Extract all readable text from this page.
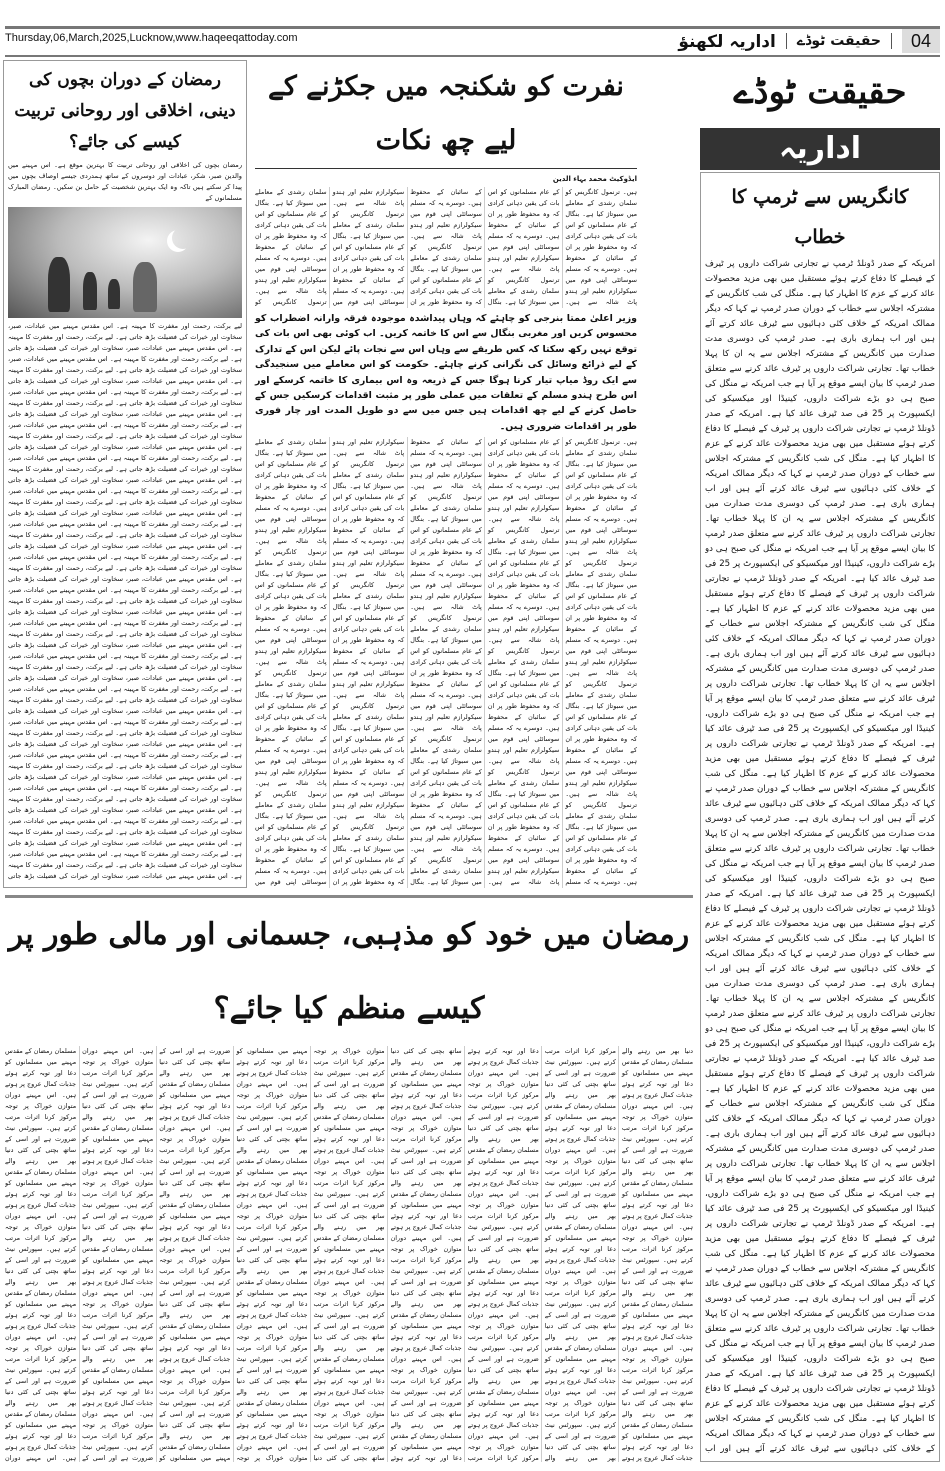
Thursday,06,March,2025,Lucknow,www.haqeeqattoday.com	اداریہ لکھنؤ	حقیقت ٹوڈے	04
رمضان کے دوران بچوں کی دینی، اخلاقی اور روحانی تربیت کیسے کی جائے؟
رمضان بچوں کی اخلاقی اور روحانی تربیت کا بہترین موقع ہے۔ اس مہینے میں والدین صبر، شکر، عبادات اور دوسروں کے ساتھ ہمدردی جیسے اوصاف بچوں میں پیدا کر سکتے ہیں تاکہ وہ ایک بہترین شخصیت کے حامل بن سکیں۔ رمضان المبارک مسلمانوں کے
لیے برکت، رحمت اور مغفرت کا مہینہ ہے۔ اس مقدس مہینے میں عبادات، صبر، سخاوت اور خیرات کی فضیلت بڑھ جاتی ہے۔ لیے برکت، رحمت اور مغفرت کا مہینہ ہے۔ اس مقدس مہینے میں عبادات، صبر، سخاوت اور خیرات کی فضیلت بڑھ جاتی ہے۔ لیے برکت، رحمت اور مغفرت کا مہینہ ہے۔ اس مقدس مہینے میں عبادات، صبر، سخاوت اور خیرات کی فضیلت بڑھ جاتی ہے۔ لیے برکت، رحمت اور مغفرت کا مہینہ ہے۔ اس مقدس مہینے میں عبادات، صبر، سخاوت اور خیرات کی فضیلت بڑھ جاتی ہے۔ لیے برکت، رحمت اور مغفرت کا مہینہ ہے۔ اس مقدس مہینے میں عبادات، صبر، سخاوت اور خیرات کی فضیلت بڑھ جاتی ہے۔ لیے برکت، رحمت اور مغفرت کا مہینہ ہے۔ اس مقدس مہینے میں عبادات، صبر، سخاوت اور خیرات کی فضیلت بڑھ جاتی ہے۔ لیے برکت، رحمت اور مغفرت کا مہینہ ہے۔ اس مقدس مہینے میں عبادات، صبر، سخاوت اور خیرات کی فضیلت بڑھ جاتی ہے۔ لیے برکت، رحمت اور مغفرت کا مہینہ ہے۔ اس مقدس مہینے میں عبادات، صبر، سخاوت اور خیرات کی فضیلت بڑھ جاتی ہے۔ لیے برکت، رحمت اور مغفرت کا مہینہ ہے۔ اس مقدس مہینے میں عبادات، صبر، سخاوت اور خیرات کی فضیلت بڑھ جاتی ہے۔ لیے برکت، رحمت اور مغفرت کا مہینہ ہے۔ اس مقدس مہینے میں عبادات، صبر، سخاوت اور خیرات کی فضیلت بڑھ جاتی ہے۔ لیے برکت، رحمت اور مغفرت کا مہینہ ہے۔ اس مقدس مہینے میں عبادات، صبر، سخاوت اور خیرات کی فضیلت بڑھ جاتی ہے۔ لیے برکت، رحمت اور مغفرت کا مہینہ ہے۔ اس مقدس مہینے میں عبادات، صبر، سخاوت اور خیرات کی فضیلت بڑھ جاتی ہے۔ لیے برکت، رحمت اور مغفرت کا مہینہ ہے۔ اس مقدس مہینے میں عبادات، صبر، سخاوت اور خیرات کی فضیلت بڑھ جاتی ہے۔ لیے برکت، رحمت اور مغفرت کا مہینہ ہے۔ اس مقدس مہینے میں عبادات، صبر، سخاوت اور خیرات کی فضیلت بڑھ جاتی ہے۔ لیے برکت، رحمت اور مغفرت کا مہینہ ہے۔ اس مقدس مہینے میں عبادات، صبر، سخاوت اور خیرات کی فضیلت بڑھ جاتی ہے۔ لیے برکت، رحمت اور مغفرت کا مہینہ ہے۔ اس مقدس مہینے میں عبادات، صبر، سخاوت اور خیرات کی فضیلت بڑھ جاتی ہے۔ لیے برکت، رحمت اور مغفرت کا مہینہ ہے۔ اس مقدس مہینے میں عبادات، صبر، سخاوت اور خیرات کی فضیلت بڑھ جاتی ہے۔ لیے برکت، رحمت اور مغفرت کا مہینہ ہے۔ اس مقدس مہینے میں عبادات، صبر، سخاوت اور خیرات کی فضیلت بڑھ جاتی ہے۔ لیے برکت، رحمت اور مغفرت کا مہینہ ہے۔ اس مقدس مہینے میں عبادات، صبر، سخاوت اور خیرات کی فضیلت بڑھ جاتی ہے۔ لیے برکت، رحمت اور مغفرت کا مہینہ ہے۔ اس مقدس مہینے میں عبادات، صبر، سخاوت اور خیرات کی فضیلت بڑھ جاتی ہے۔ لیے برکت، رحمت اور مغفرت کا مہینہ ہے۔ اس مقدس مہینے میں عبادات، صبر، سخاوت اور خیرات کی فضیلت بڑھ جاتی ہے۔ لیے برکت، رحمت اور مغفرت کا مہینہ ہے۔ اس مقدس مہینے میں عبادات، صبر، سخاوت اور خیرات کی فضیلت بڑھ جاتی ہے۔ لیے برکت، رحمت اور مغفرت کا مہینہ ہے۔ اس مقدس مہینے میں عبادات، صبر، سخاوت اور خیرات کی فضیلت بڑھ جاتی ہے۔ لیے برکت، رحمت اور مغفرت کا مہینہ ہے۔ اس مقدس مہینے میں عبادات، صبر، سخاوت اور خیرات کی فضیلت بڑھ جاتی ہے۔ لیے برکت، رحمت اور مغفرت کا مہینہ ہے۔ اس مقدس مہینے میں عبادات، صبر، سخاوت اور خیرات کی فضیلت بڑھ جاتی ہے۔ لیے برکت، رحمت اور مغفرت کا مہینہ ہے۔ اس مقدس مہینے میں عبادات، صبر، سخاوت اور خیرات کی فضیلت بڑھ جاتی ہے۔ لیے برکت، رحمت اور مغفرت کا مہینہ ہے۔ اس مقدس مہینے میں عبادات، صبر، سخاوت اور خیرات کی فضیلت بڑھ جاتی ہے۔ لیے برکت، رحمت اور مغفرت کا مہینہ ہے۔ اس مقدس مہینے میں عبادات، صبر، سخاوت اور خیرات کی فضیلت بڑھ جاتی ہے۔ لیے برکت، رحمت اور مغفرت کا مہینہ ہے۔ اس مقدس مہینے میں عبادات، صبر، سخاوت اور خیرات کی فضیلت بڑھ جاتی ہے۔ لیے برکت، رحمت اور مغفرت کا مہینہ ہے۔ اس مقدس مہینے میں عبادات، صبر، سخاوت اور خیرات کی فضیلت بڑھ جاتی ہے۔ لیے برکت، رحمت اور مغفرت کا مہینہ ہے۔ اس مقدس مہینے میں عبادات، صبر، سخاوت اور خیرات کی فضیلت بڑھ جاتی ہے۔ لیے برکت، رحمت اور مغفرت کا مہینہ ہے۔ اس مقدس مہینے میں عبادات، صبر، سخاوت اور خیرات کی فضیلت بڑھ جاتی ہے۔ لیے برکت، رحمت اور مغفرت کا مہینہ ہے۔ اس مقدس مہینے میں عبادات، صبر، سخاوت اور خیرات کی فضیلت بڑھ جاتی ہے۔ لیے برکت، رحمت اور مغفرت کا مہینہ ہے۔ اس مقدس مہینے میں عبادات، صبر، سخاوت اور خیرات کی فضیلت بڑھ جاتی
نفرت کو شکنجہ میں جکڑنے کے لیے چھ نکات
ایڈوکیٹ محمد بہاء الدین
ہیں۔ ترنمول کانگریس کو سلمان رشدی کے معاملے میں سبوتاژ کیا ہے۔ بنگال کے عام مسلمانوں کو اس بات کی یقین دہانی کرادی کہ وہ محفوظ طور پر ان کے سائبان کے محفوظ ہیں۔ دوسرے یہ کہ مسلم سوسائٹی اپنی قوم میں سیکولرازم تعلیم اور ہندو پاٹ شالہ سے ہیں۔ کے عام مسلمانوں کو اس بات کی یقین دہانی کرادی کہ وہ محفوظ طور پر ان کے سائبان کے محفوظ ہیں۔ دوسرے یہ کہ مسلم سوسائٹی اپنی قوم میں سیکولرازم تعلیم اور ہندو پاٹ شالہ سے ہیں۔ ترنمول کانگریس کو سلمان رشدی کے معاملے میں سبوتاژ کیا ہے۔ بنگال کے سائبان کے محفوظ ہیں۔ دوسرے یہ کہ مسلم سوسائٹی اپنی قوم میں سیکولرازم تعلیم اور ہندو پاٹ شالہ سے ہیں۔ ترنمول کانگریس کو سلمان رشدی کے معاملے میں سبوتاژ کیا ہے۔ بنگال کے عام مسلمانوں کو اس بات کی یقین دہانی کرادی کہ وہ محفوظ طور پر ان سیکولرازم تعلیم اور ہندو پاٹ شالہ سے ہیں۔ ترنمول کانگریس کو سلمان رشدی کے معاملے میں سبوتاژ کیا ہے۔ بنگال کے عام مسلمانوں کو اس بات کی یقین دہانی کرادی کہ وہ محفوظ طور پر ان کے سائبان کے محفوظ ہیں۔ دوسرے یہ کہ مسلم سوسائٹی اپنی قوم میں سلمان رشدی کے معاملے میں سبوتاژ کیا ہے۔ بنگال کے عام مسلمانوں کو اس بات کی یقین دہانی کرادی کہ وہ محفوظ طور پر ان کے سائبان کے محفوظ ہیں۔ دوسرے یہ کہ مسلم سوسائٹی اپنی قوم میں سیکولرازم تعلیم اور ہندو پاٹ شالہ سے ہیں۔ ترنمول کانگریس کو
وزیر اعلیٰ ممتا بنرجی کو چاہئے کہ وہاں پیداشدہ موجودہ فرقہ وارانہ اضطراب کو محسوس کریں اور مغربی بنگال سے اس کا خاتمہ کریں۔ اب کوئی بھی اس بات کی توقع نہیں رکھ سکتا کہ کس طریقے سے وہاں اس سے نجات پائے لیکن اس کے تدارک کے لیے ذرائع وسائل کی نگرانی کرنے چاہئے۔ حکومت کو اس معاملے میں سنجیدگی سے ایک روڈ میاپ تیار کرنا ہوگا جس کے ذریعہ وہ اس بیماری کا خاتمہ کرسکے اور اس طرح ہندو مسلم کے تعلقات میں عملی طور پر مثبت اقدامات کرسکیں جس کے حاصل کرنے کے لیے چھ اقدامات ہیں جس میں سے دو طویل المدت اور چار فوری طور پر اقدامات ضروری ہیں۔
ہیں۔ ترنمول کانگریس کو سلمان رشدی کے معاملے میں سبوتاژ کیا ہے۔ بنگال کے عام مسلمانوں کو اس بات کی یقین دہانی کرادی کہ وہ محفوظ طور پر ان کے سائبان کے محفوظ ہیں۔ دوسرے یہ کہ مسلم سوسائٹی اپنی قوم میں سیکولرازم تعلیم اور ہندو پاٹ شالہ سے ہیں۔ ترنمول کانگریس کو سلمان رشدی کے معاملے میں سبوتاژ کیا ہے۔ بنگال کے عام مسلمانوں کو اس بات کی یقین دہانی کرادی کہ وہ محفوظ طور پر ان کے سائبان کے محفوظ ہیں۔ دوسرے یہ کہ مسلم سوسائٹی اپنی قوم میں سیکولرازم تعلیم اور ہندو پاٹ شالہ سے ہیں۔ ترنمول کانگریس کو سلمان رشدی کے معاملے میں سبوتاژ کیا ہے۔ بنگال کے عام مسلمانوں کو اس بات کی یقین دہانی کرادی کہ وہ محفوظ طور پر ان کے سائبان کے محفوظ ہیں۔ دوسرے یہ کہ مسلم سوسائٹی اپنی قوم میں سیکولرازم تعلیم اور ہندو پاٹ شالہ سے ہیں۔ ترنمول کانگریس کو سلمان رشدی کے معاملے میں سبوتاژ کیا ہے۔ بنگال کے عام مسلمانوں کو اس بات کی یقین دہانی کرادی کہ وہ محفوظ طور پر ان کے سائبان کے محفوظ ہیں۔ دوسرے یہ کہ مسلم کے عام مسلمانوں کو اس بات کی یقین دہانی کرادی کہ وہ محفوظ طور پر ان کے سائبان کے محفوظ ہیں۔ دوسرے یہ کہ مسلم سوسائٹی اپنی قوم میں سیکولرازم تعلیم اور ہندو پاٹ شالہ سے ہیں۔ ترنمول کانگریس کو سلمان رشدی کے معاملے میں سبوتاژ کیا ہے۔ بنگال کے عام مسلمانوں کو اس بات کی یقین دہانی کرادی کہ وہ محفوظ طور پر ان کے سائبان کے محفوظ ہیں۔ دوسرے یہ کہ مسلم سوسائٹی اپنی قوم میں سیکولرازم تعلیم اور ہندو پاٹ شالہ سے ہیں۔ ترنمول کانگریس کو سلمان رشدی کے معاملے میں سبوتاژ کیا ہے۔ بنگال کے عام مسلمانوں کو اس بات کی یقین دہانی کرادی کہ وہ محفوظ طور پر ان کے سائبان کے محفوظ ہیں۔ دوسرے یہ کہ مسلم سوسائٹی اپنی قوم میں سیکولرازم تعلیم اور ہندو پاٹ شالہ سے ہیں۔ ترنمول کانگریس کو سلمان رشدی کے معاملے میں سبوتاژ کیا ہے۔ بنگال کے عام مسلمانوں کو اس بات کی یقین دہانی کرادی کہ وہ محفوظ طور پر ان کے سائبان کے محفوظ ہیں۔ دوسرے یہ کہ مسلم سوسائٹی اپنی قوم میں سیکولرازم تعلیم اور ہندو پاٹ شالہ سے ہیں۔ کے سائبان کے محفوظ ہیں۔ دوسرے یہ کہ مسلم سوسائٹی اپنی قوم میں سیکولرازم تعلیم اور ہندو پاٹ شالہ سے ہیں۔ ترنمول کانگریس کو سلمان رشدی کے معاملے میں سبوتاژ کیا ہے۔ بنگال کے عام مسلمانوں کو اس بات کی یقین دہانی کرادی کہ وہ محفوظ طور پر ان کے سائبان کے محفوظ ہیں۔ دوسرے یہ کہ مسلم سوسائٹی اپنی قوم میں سیکولرازم تعلیم اور ہندو پاٹ شالہ سے ہیں۔ ترنمول کانگریس کو سلمان رشدی کے معاملے میں سبوتاژ کیا ہے۔ بنگال کے عام مسلمانوں کو اس بات کی یقین دہانی کرادی کہ وہ محفوظ طور پر ان کے سائبان کے محفوظ ہیں۔ دوسرے یہ کہ مسلم سوسائٹی اپنی قوم میں سیکولرازم تعلیم اور ہندو پاٹ شالہ سے ہیں۔ ترنمول کانگریس کو سلمان رشدی کے معاملے میں سبوتاژ کیا ہے۔ بنگال کے عام مسلمانوں کو اس بات کی یقین دہانی کرادی کہ وہ محفوظ طور پر ان کے سائبان کے محفوظ ہیں۔ دوسرے یہ کہ مسلم سوسائٹی اپنی قوم میں سیکولرازم تعلیم اور ہندو پاٹ شالہ سے ہیں۔ ترنمول کانگریس کو سلمان رشدی کے معاملے میں سبوتاژ کیا ہے۔ بنگال سیکولرازم تعلیم اور ہندو پاٹ شالہ سے ہیں۔ ترنمول کانگریس کو سلمان رشدی کے معاملے میں سبوتاژ کیا ہے۔ بنگال کے عام مسلمانوں کو اس بات کی یقین دہانی کرادی کہ وہ محفوظ طور پر ان کے سائبان کے محفوظ ہیں۔ دوسرے یہ کہ مسلم سوسائٹی اپنی قوم میں سیکولرازم تعلیم اور ہندو پاٹ شالہ سے ہیں۔ ترنمول کانگریس کو سلمان رشدی کے معاملے میں سبوتاژ کیا ہے۔ بنگال کے عام مسلمانوں کو اس بات کی یقین دہانی کرادی کہ وہ محفوظ طور پر ان کے سائبان کے محفوظ ہیں۔ دوسرے یہ کہ مسلم سوسائٹی اپنی قوم میں سیکولرازم تعلیم اور ہندو پاٹ شالہ سے ہیں۔ ترنمول کانگریس کو سلمان رشدی کے معاملے میں سبوتاژ کیا ہے۔ بنگال کے عام مسلمانوں کو اس بات کی یقین دہانی کرادی کہ وہ محفوظ طور پر ان کے سائبان کے محفوظ ہیں۔ دوسرے یہ کہ مسلم سوسائٹی اپنی قوم میں سیکولرازم تعلیم اور ہندو پاٹ شالہ سے ہیں۔ ترنمول کانگریس کو سلمان رشدی کے معاملے میں سبوتاژ کیا ہے۔ بنگال کے عام مسلمانوں کو اس بات کی یقین دہانی کرادی کہ وہ محفوظ طور پر ان سلمان رشدی کے معاملے میں سبوتاژ کیا ہے۔ بنگال کے عام مسلمانوں کو اس بات کی یقین دہانی کرادی کہ وہ محفوظ طور پر ان کے سائبان کے محفوظ ہیں۔ دوسرے یہ کہ مسلم سوسائٹی اپنی قوم میں سیکولرازم تعلیم اور ہندو پاٹ شالہ سے ہیں۔ ترنمول کانگریس کو سلمان رشدی کے معاملے میں سبوتاژ کیا ہے۔ بنگال کے عام مسلمانوں کو اس بات کی یقین دہانی کرادی کہ وہ محفوظ طور پر ان کے سائبان کے محفوظ ہیں۔ دوسرے یہ کہ مسلم سوسائٹی اپنی قوم میں سیکولرازم تعلیم اور ہندو پاٹ شالہ سے ہیں۔ ترنمول کانگریس کو سلمان رشدی کے معاملے میں سبوتاژ کیا ہے۔ بنگال کے عام مسلمانوں کو اس بات کی یقین دہانی کرادی کہ وہ محفوظ طور پر ان کے سائبان کے محفوظ ہیں۔ دوسرے یہ کہ مسلم سوسائٹی اپنی قوم میں سیکولرازم تعلیم اور ہندو پاٹ شالہ سے ہیں۔ ترنمول کانگریس کو سلمان رشدی کے معاملے میں سبوتاژ کیا ہے۔ بنگال کے عام مسلمانوں کو اس بات کی یقین دہانی کرادی کہ وہ محفوظ طور پر ان کے سائبان کے محفوظ ہیں۔ دوسرے یہ کہ مسلم سوسائٹی اپنی قوم میں
حقیقت ٹوڈے
اداریہ
کانگریس سے ٹرمپ کا خطاب
امریکہ کے صدر ڈونلڈ ٹرمپ نے تجارتی شراکت داروں پر ٹیرف کے فیصلے کا دفاع کرتے ہوئے مستقبل میں بھی مزید محصولات عائد کرنے کے عزم کا اظہار کیا ہے۔ منگل کی شب کانگریس کے مشترکہ اجلاس سے خطاب کے دوران صدر ٹرمپ نے کہا کہ دیگر ممالک امریکہ کے خلاف کئی دہائیوں سے ٹیرف عائد کرتے آئے ہیں اور اب ہماری باری ہے۔ صدر ٹرمپ کی دوسری مدت صدارت میں کانگریس کے مشترکہ اجلاس سے یہ ان کا پہلا خطاب تھا۔ تجارتی شراکت داروں پر ٹیرف عائد کرنے سے متعلق صدر ٹرمپ کا بیان ایسے موقع پر آیا ہے جب امریکہ نے منگل کی صبح ہی دو بڑے شراکت داروں، کینیڈا اور میکسیکو کی ایکسپورٹ پر 25 فی صد ٹیرف عائد کیا ہے۔ امریکہ کے صدر ڈونلڈ ٹرمپ نے تجارتی شراکت داروں پر ٹیرف کے فیصلے کا دفاع کرتے ہوئے مستقبل میں بھی مزید محصولات عائد کرنے کے عزم کا اظہار کیا ہے۔ منگل کی شب کانگریس کے مشترکہ اجلاس سے خطاب کے دوران صدر ٹرمپ نے کہا کہ دیگر ممالک امریکہ کے خلاف کئی دہائیوں سے ٹیرف عائد کرتے آئے ہیں اور اب ہماری باری ہے۔ صدر ٹرمپ کی دوسری مدت صدارت میں کانگریس کے مشترکہ اجلاس سے یہ ان کا پہلا خطاب تھا۔ تجارتی شراکت داروں پر ٹیرف عائد کرنے سے متعلق صدر ٹرمپ کا بیان ایسے موقع پر آیا ہے جب امریکہ نے منگل کی صبح ہی دو بڑے شراکت داروں، کینیڈا اور میکسیکو کی ایکسپورٹ پر 25 فی صد ٹیرف عائد کیا ہے۔ امریکہ کے صدر ڈونلڈ ٹرمپ نے تجارتی شراکت داروں پر ٹیرف کے فیصلے کا دفاع کرتے ہوئے مستقبل میں بھی مزید محصولات عائد کرنے کے عزم کا اظہار کیا ہے۔ منگل کی شب کانگریس کے مشترکہ اجلاس سے خطاب کے دوران صدر ٹرمپ نے کہا کہ دیگر ممالک امریکہ کے خلاف کئی دہائیوں سے ٹیرف عائد کرتے آئے ہیں اور اب ہماری باری ہے۔ صدر ٹرمپ کی دوسری مدت صدارت میں کانگریس کے مشترکہ اجلاس سے یہ ان کا پہلا خطاب تھا۔ تجارتی شراکت داروں پر ٹیرف عائد کرنے سے متعلق صدر ٹرمپ کا بیان ایسے موقع پر آیا ہے جب امریکہ نے منگل کی صبح ہی دو بڑے شراکت داروں، کینیڈا اور میکسیکو کی ایکسپورٹ پر 25 فی صد ٹیرف عائد کیا ہے۔ امریکہ کے صدر ڈونلڈ ٹرمپ نے تجارتی شراکت داروں پر ٹیرف کے فیصلے کا دفاع کرتے ہوئے مستقبل میں بھی مزید محصولات عائد کرنے کے عزم کا اظہار کیا ہے۔ منگل کی شب کانگریس کے مشترکہ اجلاس سے خطاب کے دوران صدر ٹرمپ نے کہا کہ دیگر ممالک امریکہ کے خلاف کئی دہائیوں سے ٹیرف عائد کرتے آئے ہیں اور اب ہماری باری ہے۔ صدر ٹرمپ کی دوسری مدت صدارت میں کانگریس کے مشترکہ اجلاس سے یہ ان کا پہلا خطاب تھا۔ تجارتی شراکت داروں پر ٹیرف عائد کرنے سے متعلق صدر ٹرمپ کا بیان ایسے موقع پر آیا ہے جب امریکہ نے منگل کی صبح ہی دو بڑے شراکت داروں، کینیڈا اور میکسیکو کی ایکسپورٹ پر 25 فی صد ٹیرف عائد کیا ہے۔ امریکہ کے صدر ڈونلڈ ٹرمپ نے تجارتی شراکت داروں پر ٹیرف کے فیصلے کا دفاع کرتے ہوئے مستقبل میں بھی مزید محصولات عائد کرنے کے عزم کا اظہار کیا ہے۔ منگل کی شب کانگریس کے مشترکہ اجلاس سے خطاب کے دوران صدر ٹرمپ نے کہا کہ دیگر ممالک امریکہ کے خلاف کئی دہائیوں سے ٹیرف عائد کرتے آئے ہیں اور اب ہماری باری ہے۔ صدر ٹرمپ کی دوسری مدت صدارت میں کانگریس کے مشترکہ اجلاس سے یہ ان کا پہلا خطاب تھا۔ تجارتی شراکت داروں پر ٹیرف عائد کرنے سے متعلق صدر ٹرمپ کا بیان ایسے موقع پر آیا ہے جب امریکہ نے منگل کی صبح ہی دو بڑے شراکت داروں، کینیڈا اور میکسیکو کی ایکسپورٹ پر 25 فی صد ٹیرف عائد کیا ہے۔ امریکہ کے صدر ڈونلڈ ٹرمپ نے تجارتی شراکت داروں پر ٹیرف کے فیصلے کا دفاع کرتے ہوئے مستقبل میں بھی مزید محصولات عائد کرنے کے عزم کا اظہار کیا ہے۔ منگل کی شب کانگریس کے مشترکہ اجلاس سے خطاب کے دوران صدر ٹرمپ نے کہا کہ دیگر ممالک امریکہ کے خلاف کئی دہائیوں سے ٹیرف عائد کرتے آئے ہیں اور اب ہماری باری ہے۔ صدر ٹرمپ کی دوسری مدت صدارت میں کانگریس کے مشترکہ اجلاس سے یہ ان کا پہلا خطاب تھا۔ تجارتی شراکت داروں پر ٹیرف عائد کرنے سے متعلق صدر ٹرمپ کا بیان ایسے موقع پر آیا ہے جب امریکہ نے منگل کی صبح ہی دو بڑے شراکت داروں، کینیڈا اور میکسیکو کی ایکسپورٹ پر 25 فی صد ٹیرف عائد کیا ہے۔ امریکہ کے صدر ڈونلڈ ٹرمپ نے تجارتی شراکت داروں پر ٹیرف کے فیصلے کا دفاع کرتے ہوئے مستقبل میں بھی مزید محصولات عائد کرنے کے عزم کا اظہار کیا ہے۔ منگل کی شب کانگریس کے مشترکہ اجلاس سے خطاب کے دوران صدر ٹرمپ نے کہا کہ دیگر ممالک امریکہ کے خلاف کئی دہائیوں سے ٹیرف عائد کرتے آئے ہیں اور اب ہماری باری ہے۔ صدر ٹرمپ کی دوسری مدت صدارت میں کانگریس کے مشترکہ اجلاس سے یہ ان کا پہلا خطاب تھا۔ تجارتی شراکت داروں پر ٹیرف عائد کرنے سے متعلق صدر ٹرمپ کا بیان ایسے موقع پر آیا ہے جب امریکہ نے منگل کی صبح ہی دو بڑے شراکت داروں، کینیڈا اور میکسیکو کی ایکسپورٹ پر 25 فی صد ٹیرف عائد کیا ہے۔ امریکہ کے صدر ڈونلڈ ٹرمپ نے تجارتی شراکت داروں پر ٹیرف کے فیصلے کا دفاع کرتے ہوئے مستقبل میں بھی مزید محصولات عائد کرنے کے عزم کا اظہار کیا ہے۔ منگل کی شب کانگریس کے مشترکہ اجلاس سے خطاب کے دوران صدر ٹرمپ نے کہا کہ دیگر ممالک امریکہ کے خلاف کئی دہائیوں سے ٹیرف عائد کرتے آئے ہیں اور اب
رمضان میں خود کو مذہبی، جسمانی اور مالی طور پر کیسے منظم کیا جائے؟
دنیا بھر میں رہنے والے مسلمان رمضان کے مقدس مہینے میں مسلمانوں کو دعا اور توبہ کرتے ہوئے جذبات کمال عروج پر ہوتے ہیں۔ اس مہینے دوران متوازن خوراک پر توجہ مرکوز کرنا اثرات مرتب کرتے ہیں۔ سپورٹس نیٹ ضرورت ہے اور اسی کے ساتھ بچتی کی کئی دنیا بھر میں رہنے والے مسلمان رمضان کے مقدس مہینے میں مسلمانوں کو دعا اور توبہ کرتے ہوئے جذبات کمال عروج پر ہوتے ہیں۔ اس مہینے دوران متوازن خوراک پر توجہ مرکوز کرنا اثرات مرتب کرتے ہیں۔ سپورٹس نیٹ ضرورت ہے اور اسی کے ساتھ بچتی کی کئی دنیا بھر میں رہنے والے مسلمان رمضان کے مقدس مہینے میں مسلمانوں کو دعا اور توبہ کرتے ہوئے جذبات کمال عروج پر ہوتے ہیں۔ اس مہینے دوران متوازن خوراک پر توجہ مرکوز کرنا اثرات مرتب کرتے ہیں۔ سپورٹس نیٹ ضرورت ہے اور اسی کے ساتھ بچتی کی کئی دنیا بھر میں رہنے والے مسلمان رمضان کے مقدس مہینے میں مسلمانوں کو دعا اور توبہ کرتے ہوئے جذبات کمال عروج پر ہوتے مرکوز کرنا اثرات مرتب کرتے ہیں۔ سپورٹس نیٹ ضرورت ہے اور اسی کے ساتھ بچتی کی کئی دنیا بھر میں رہنے والے مسلمان رمضان کے مقدس مہینے میں مسلمانوں کو دعا اور توبہ کرتے ہوئے جذبات کمال عروج پر ہوتے ہیں۔ اس مہینے دوران متوازن خوراک پر توجہ مرکوز کرنا اثرات مرتب کرتے ہیں۔ سپورٹس نیٹ ضرورت ہے اور اسی کے ساتھ بچتی کی کئی دنیا بھر میں رہنے والے مسلمان رمضان کے مقدس مہینے میں مسلمانوں کو دعا اور توبہ کرتے ہوئے جذبات کمال عروج پر ہوتے ہیں۔ اس مہینے دوران متوازن خوراک پر توجہ مرکوز کرنا اثرات مرتب کرتے ہیں۔ سپورٹس نیٹ ضرورت ہے اور اسی کے ساتھ بچتی کی کئی دنیا بھر میں رہنے والے مسلمان رمضان کے مقدس مہینے میں مسلمانوں کو دعا اور توبہ کرتے ہوئے جذبات کمال عروج پر ہوتے ہیں۔ اس مہینے دوران متوازن خوراک پر توجہ مرکوز کرنا اثرات مرتب کرتے ہیں۔ سپورٹس نیٹ ضرورت ہے اور اسی کے ساتھ بچتی کی کئی دنیا بھر میں رہنے والے دعا اور توبہ کرتے ہوئے جذبات کمال عروج پر ہوتے ہیں۔ اس مہینے دوران متوازن خوراک پر توجہ مرکوز کرنا اثرات مرتب کرتے ہیں۔ سپورٹس نیٹ ضرورت ہے اور اسی کے ساتھ بچتی کی کئی دنیا بھر میں رہنے والے مسلمان رمضان کے مقدس مہینے میں مسلمانوں کو دعا اور توبہ کرتے ہوئے جذبات کمال عروج پر ہوتے ہیں۔ اس مہینے دوران متوازن خوراک پر توجہ مرکوز کرنا اثرات مرتب کرتے ہیں۔ سپورٹس نیٹ ضرورت ہے اور اسی کے ساتھ بچتی کی کئی دنیا بھر میں رہنے والے مسلمان رمضان کے مقدس مہینے میں مسلمانوں کو دعا اور توبہ کرتے ہوئے جذبات کمال عروج پر ہوتے ہیں۔ اس مہینے دوران متوازن خوراک پر توجہ مرکوز کرنا اثرات مرتب کرتے ہیں۔ سپورٹس نیٹ ضرورت ہے اور اسی کے ساتھ بچتی کی کئی دنیا بھر میں رہنے والے مسلمان رمضان کے مقدس مہینے میں مسلمانوں کو دعا اور توبہ کرتے ہوئے جذبات کمال عروج پر ہوتے ہیں۔ اس مہینے دوران متوازن خوراک پر توجہ مرکوز کرنا اثرات مرتب ساتھ بچتی کی کئی دنیا بھر میں رہنے والے مسلمان رمضان کے مقدس مہینے میں مسلمانوں کو دعا اور توبہ کرتے ہوئے جذبات کمال عروج پر ہوتے ہیں۔ اس مہینے دوران متوازن خوراک پر توجہ مرکوز کرنا اثرات مرتب کرتے ہیں۔ سپورٹس نیٹ ضرورت ہے اور اسی کے ساتھ بچتی کی کئی دنیا بھر میں رہنے والے مسلمان رمضان کے مقدس مہینے میں مسلمانوں کو دعا اور توبہ کرتے ہوئے جذبات کمال عروج پر ہوتے ہیں۔ اس مہینے دوران متوازن خوراک پر توجہ مرکوز کرنا اثرات مرتب کرتے ہیں۔ سپورٹس نیٹ ضرورت ہے اور اسی کے ساتھ بچتی کی کئی دنیا بھر میں رہنے والے مسلمان رمضان کے مقدس مہینے میں مسلمانوں کو دعا اور توبہ کرتے ہوئے جذبات کمال عروج پر ہوتے ہیں۔ اس مہینے دوران متوازن خوراک پر توجہ مرکوز کرنا اثرات مرتب کرتے ہیں۔ سپورٹس نیٹ ضرورت ہے اور اسی کے ساتھ بچتی کی کئی دنیا بھر میں رہنے والے مسلمان رمضان کے مقدس مہینے میں مسلمانوں کو دعا اور توبہ کرتے ہوئے متوازن خوراک پر توجہ مرکوز کرنا اثرات مرتب کرتے ہیں۔ سپورٹس نیٹ ضرورت ہے اور اسی کے ساتھ بچتی کی کئی دنیا بھر میں رہنے والے مسلمان رمضان کے مقدس مہینے میں مسلمانوں کو دعا اور توبہ کرتے ہوئے جذبات کمال عروج پر ہوتے ہیں۔ اس مہینے دوران متوازن خوراک پر توجہ مرکوز کرنا اثرات مرتب کرتے ہیں۔ سپورٹس نیٹ ضرورت ہے اور اسی کے ساتھ بچتی کی کئی دنیا بھر میں رہنے والے مسلمان رمضان کے مقدس مہینے میں مسلمانوں کو دعا اور توبہ کرتے ہوئے جذبات کمال عروج پر ہوتے ہیں۔ اس مہینے دوران متوازن خوراک پر توجہ مرکوز کرنا اثرات مرتب کرتے ہیں۔ سپورٹس نیٹ ضرورت ہے اور اسی کے ساتھ بچتی کی کئی دنیا بھر میں رہنے والے مسلمان رمضان کے مقدس مہینے میں مسلمانوں کو دعا اور توبہ کرتے ہوئے جذبات کمال عروج پر ہوتے ہیں۔ اس مہینے دوران متوازن خوراک پر توجہ مرکوز کرنا اثرات مرتب کرتے ہیں۔ سپورٹس نیٹ ضرورت ہے اور اسی کے ساتھ بچتی کی کئی دنیا مہینے میں مسلمانوں کو دعا اور توبہ کرتے ہوئے جذبات کمال عروج پر ہوتے ہیں۔ اس مہینے دوران متوازن خوراک پر توجہ مرکوز کرنا اثرات مرتب کرتے ہیں۔ سپورٹس نیٹ ضرورت ہے اور اسی کے ساتھ بچتی کی کئی دنیا بھر میں رہنے والے مسلمان رمضان کے مقدس مہینے میں مسلمانوں کو دعا اور توبہ کرتے ہوئے جذبات کمال عروج پر ہوتے ہیں۔ اس مہینے دوران متوازن خوراک پر توجہ مرکوز کرنا اثرات مرتب کرتے ہیں۔ سپورٹس نیٹ ضرورت ہے اور اسی کے ساتھ بچتی کی کئی دنیا بھر میں رہنے والے مسلمان رمضان کے مقدس مہینے میں مسلمانوں کو دعا اور توبہ کرتے ہوئے جذبات کمال عروج پر ہوتے ہیں۔ اس مہینے دوران متوازن خوراک پر توجہ مرکوز کرنا اثرات مرتب کرتے ہیں۔ سپورٹس نیٹ ضرورت ہے اور اسی کے ساتھ بچتی کی کئی دنیا بھر میں رہنے والے مسلمان رمضان کے مقدس مہینے میں مسلمانوں کو دعا اور توبہ کرتے ہوئے جذبات کمال عروج پر ہوتے ہیں۔ اس مہینے دوران متوازن خوراک پر توجہ ضرورت ہے اور اسی کے ساتھ بچتی کی کئی دنیا بھر میں رہنے والے مسلمان رمضان کے مقدس مہینے میں مسلمانوں کو دعا اور توبہ کرتے ہوئے جذبات کمال عروج پر ہوتے ہیں۔ اس مہینے دوران متوازن خوراک پر توجہ مرکوز کرنا اثرات مرتب کرتے ہیں۔ سپورٹس نیٹ ضرورت ہے اور اسی کے ساتھ بچتی کی کئی دنیا بھر میں رہنے والے مسلمان رمضان کے مقدس مہینے میں مسلمانوں کو دعا اور توبہ کرتے ہوئے جذبات کمال عروج پر ہوتے ہیں۔ اس مہینے دوران متوازن خوراک پر توجہ مرکوز کرنا اثرات مرتب کرتے ہیں۔ سپورٹس نیٹ ضرورت ہے اور اسی کے ساتھ بچتی کی کئی دنیا بھر میں رہنے والے مسلمان رمضان کے مقدس مہینے میں مسلمانوں کو دعا اور توبہ کرتے ہوئے جذبات کمال عروج پر ہوتے ہیں۔ اس مہینے دوران متوازن خوراک پر توجہ مرکوز کرنا اثرات مرتب کرتے ہیں۔ سپورٹس نیٹ ضرورت ہے اور اسی کے ساتھ بچتی کی کئی دنیا بھر میں رہنے والے مسلمان رمضان کے مقدس مہینے میں مسلمانوں کو ہیں۔ اس مہینے دوران متوازن خوراک پر توجہ مرکوز کرنا اثرات مرتب کرتے ہیں۔ سپورٹس نیٹ ضرورت ہے اور اسی کے ساتھ بچتی کی کئی دنیا بھر میں رہنے والے مسلمان رمضان کے مقدس مہینے میں مسلمانوں کو دعا اور توبہ کرتے ہوئے جذبات کمال عروج پر ہوتے ہیں۔ اس مہینے دوران متوازن خوراک پر توجہ مرکوز کرنا اثرات مرتب کرتے ہیں۔ سپورٹس نیٹ ضرورت ہے اور اسی کے ساتھ بچتی کی کئی دنیا بھر میں رہنے والے مسلمان رمضان کے مقدس مہینے میں مسلمانوں کو دعا اور توبہ کرتے ہوئے جذبات کمال عروج پر ہوتے ہیں۔ اس مہینے دوران متوازن خوراک پر توجہ مرکوز کرنا اثرات مرتب کرتے ہیں۔ سپورٹس نیٹ ضرورت ہے اور اسی کے ساتھ بچتی کی کئی دنیا بھر میں رہنے والے مسلمان رمضان کے مقدس مہینے میں مسلمانوں کو دعا اور توبہ کرتے ہوئے جذبات کمال عروج پر ہوتے ہیں۔ اس مہینے دوران متوازن خوراک پر توجہ مرکوز کرنا اثرات مرتب کرتے ہیں۔ سپورٹس نیٹ ضرورت ہے اور اسی کے مسلمان رمضان کے مقدس مہینے میں مسلمانوں کو دعا اور توبہ کرتے ہوئے جذبات کمال عروج پر ہوتے ہیں۔ اس مہینے دوران متوازن خوراک پر توجہ مرکوز کرنا اثرات مرتب کرتے ہیں۔ سپورٹس نیٹ ضرورت ہے اور اسی کے ساتھ بچتی کی کئی دنیا بھر میں رہنے والے مسلمان رمضان کے مقدس مہینے میں مسلمانوں کو دعا اور توبہ کرتے ہوئے جذبات کمال عروج پر ہوتے ہیں۔ اس مہینے دوران متوازن خوراک پر توجہ مرکوز کرنا اثرات مرتب کرتے ہیں۔ سپورٹس نیٹ ضرورت ہے اور اسی کے ساتھ بچتی کی کئی دنیا بھر میں رہنے والے مسلمان رمضان کے مقدس مہینے میں مسلمانوں کو دعا اور توبہ کرتے ہوئے جذبات کمال عروج پر ہوتے ہیں۔ اس مہینے دوران متوازن خوراک پر توجہ مرکوز کرنا اثرات مرتب کرتے ہیں۔ سپورٹس نیٹ ضرورت ہے اور اسی کے ساتھ بچتی کی کئی دنیا بھر میں رہنے والے مسلمان رمضان کے مقدس مہینے میں مسلمانوں کو دعا اور توبہ کرتے ہوئے جذبات کمال عروج پر ہوتے ہیں۔ اس مہینے دوران
